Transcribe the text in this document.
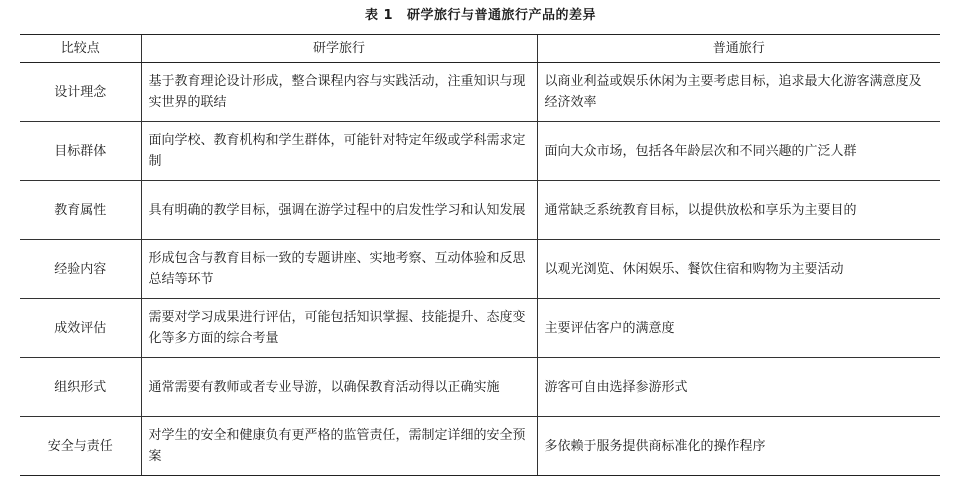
表 1 研学旅行与普通旅行产品的差异
比较点	研学旅行	普通旅行
设计理念	基于教育理论设计形成，整合课程内容与实践活动，注重知识与现实世界的联结	以商业利益或娱乐休闲为主要考虑目标，追求最大化游客满意度及经济效率
目标群体	面向学校、教育机构和学生群体，可能针对特定年级或学科需求定制	面向大众市场，包括各年龄层次和不同兴趣的广泛人群
教育属性	具有明确的教学目标，强调在游学过程中的启发性学习和认知发展	通常缺乏系统教育目标，以提供放松和享乐为主要目的
经验内容	形成包含与教育目标一致的专题讲座、实地考察、互动体验和反思总结等环节	以观光浏览、休闲娱乐、餐饮住宿和购物为主要活动
成效评估	需要对学习成果进行评估，可能包括知识掌握、技能提升、态度变化等多方面的综合考量	主要评估客户的满意度
组织形式	通常需要有教师或者专业导游，以确保教育活动得以正确实施	游客可自由选择参游形式
安全与责任	对学生的安全和健康负有更严格的监管责任，需制定详细的安全预案	多依赖于服务提供商标准化的操作程序
